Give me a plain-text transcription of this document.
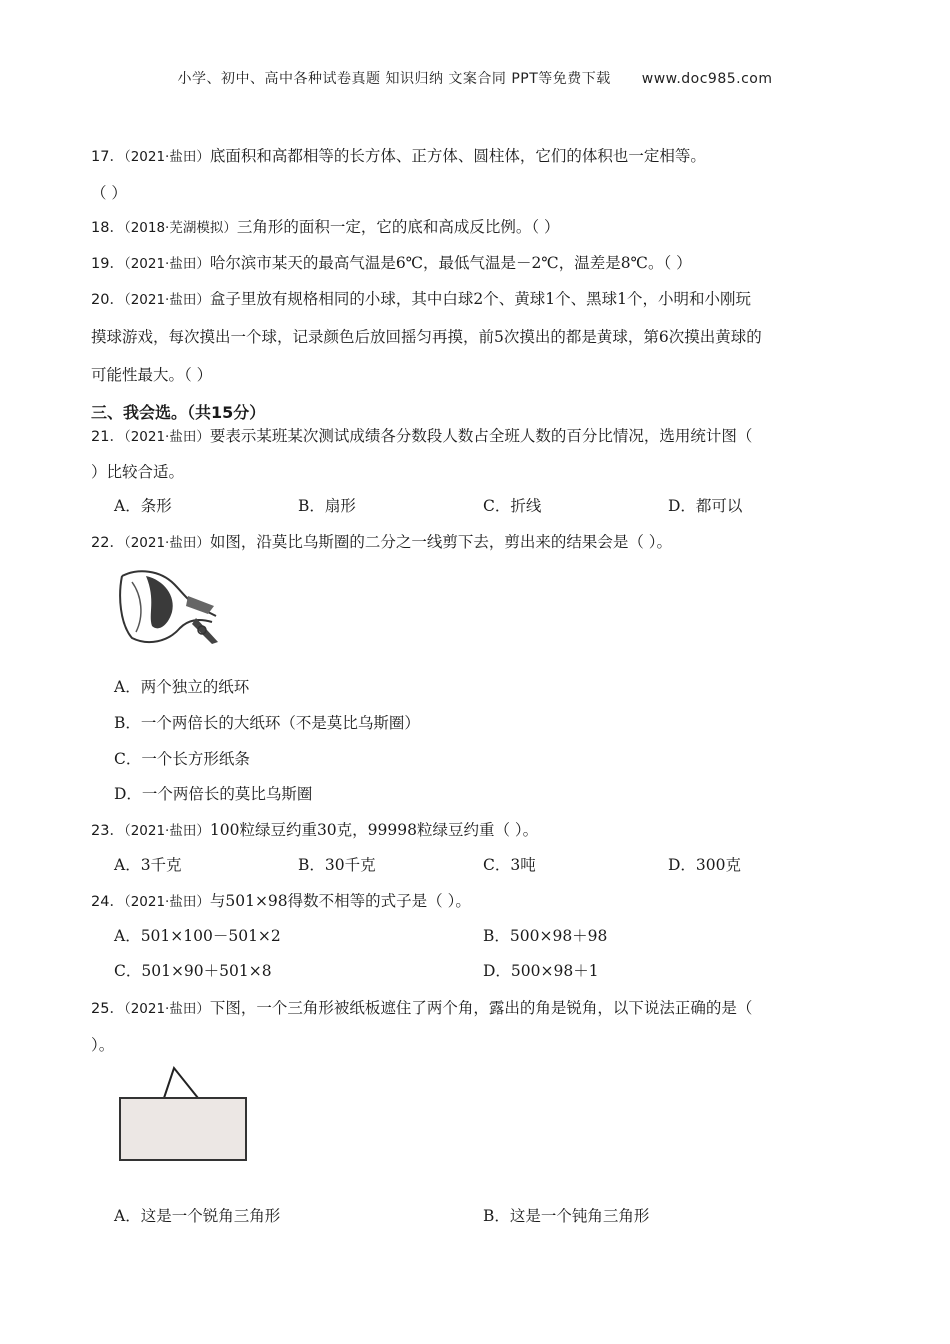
小学、初中、高中各种试卷真题 知识归纳 文案合同 PPT等免费下载 www.doc985.com
17．（2021·盐田）底面积和高都相等的长方体、正方体、圆柱体，它们的体积也一定相等。
（ ）
18．（2018·芜湖模拟）三角形的面积一定，它的底和高成反比例。（ ）
19．（2021·盐田）哈尔滨市某天的最高气温是6℃，最低气温是－2℃，温差是8℃。（ ）
20．（2021·盐田）盒子里放有规格相同的小球，其中白球2个、黄球1个、黑球1个，小明和小刚玩
摸球游戏，每次摸出一个球，记录颜色后放回摇匀再摸，前5次摸出的都是黄球，第6次摸出黄球的
可能性最大。（ ）
三、我会选。（共15分）
21．（2021·盐田）要表示某班某次测试成绩各分数段人数占全班人数的百分比情况，选用统计图（
）比较合适。
A．条形	B．扇形	C．折线	D．都可以
22．（2021·盐田）如图，沿莫比乌斯圈的二分之一线剪下去，剪出来的结果会是（ ）。
A．两个独立的纸环
B．一个两倍长的大纸环（不是莫比乌斯圈）
C．一个长方形纸条
D．一个两倍长的莫比乌斯圈
23．（2021·盐田）100粒绿豆约重30克，99998粒绿豆约重（ ）。
A．3千克	B．30千克	C．3吨	D．300克
24．（2021·盐田）与501×98得数不相等的式子是（ ）。
A．501×100－501×2	B．500×98＋98
C．501×90＋501×8	D．500×98＋1
25．（2021·盐田）下图，一个三角形被纸板遮住了两个角，露出的角是锐角，以下说法正确的是（
）。
A．这是一个锐角三角形	B．这是一个钝角三角形
